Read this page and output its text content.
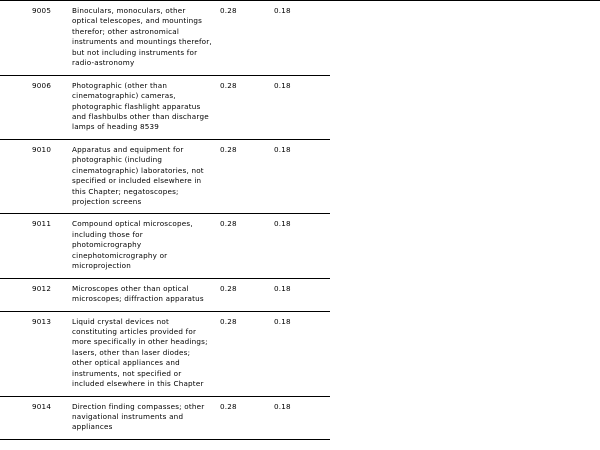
9005	Binoculars, monoculars, other optical telescopes, and mountings therefor; other astronomical instruments and mountings therefor, but not including instruments for radio-astronomy	0.28	0.18	
9006	Photographic (other than cinematographic) cameras, photographic flashlight apparatus and flashbulbs other than discharge lamps of heading 8539	0.28	0.18	
9010	Apparatus and equipment for photographic (including cinematographic) laboratories, not specified or included elsewhere in this Chapter; negatoscopes; projection screens	0.28	0.18	
9011	Compound optical microscopes, including those for photomicrography cinephotomicrography or microprojection	0.28	0.18	
9012	Microscopes other than optical microscopes; diffraction apparatus	0.28	0.18	
9013	Liquid crystal devices not constituting articles provided for more specifically in other headings; lasers, other than laser diodes; other optical appliances and instruments, not specified or included elsewhere in this Chapter	0.28	0.18	
9014	Direction finding compasses; other navigational instruments and appliances	0.28	0.18	
